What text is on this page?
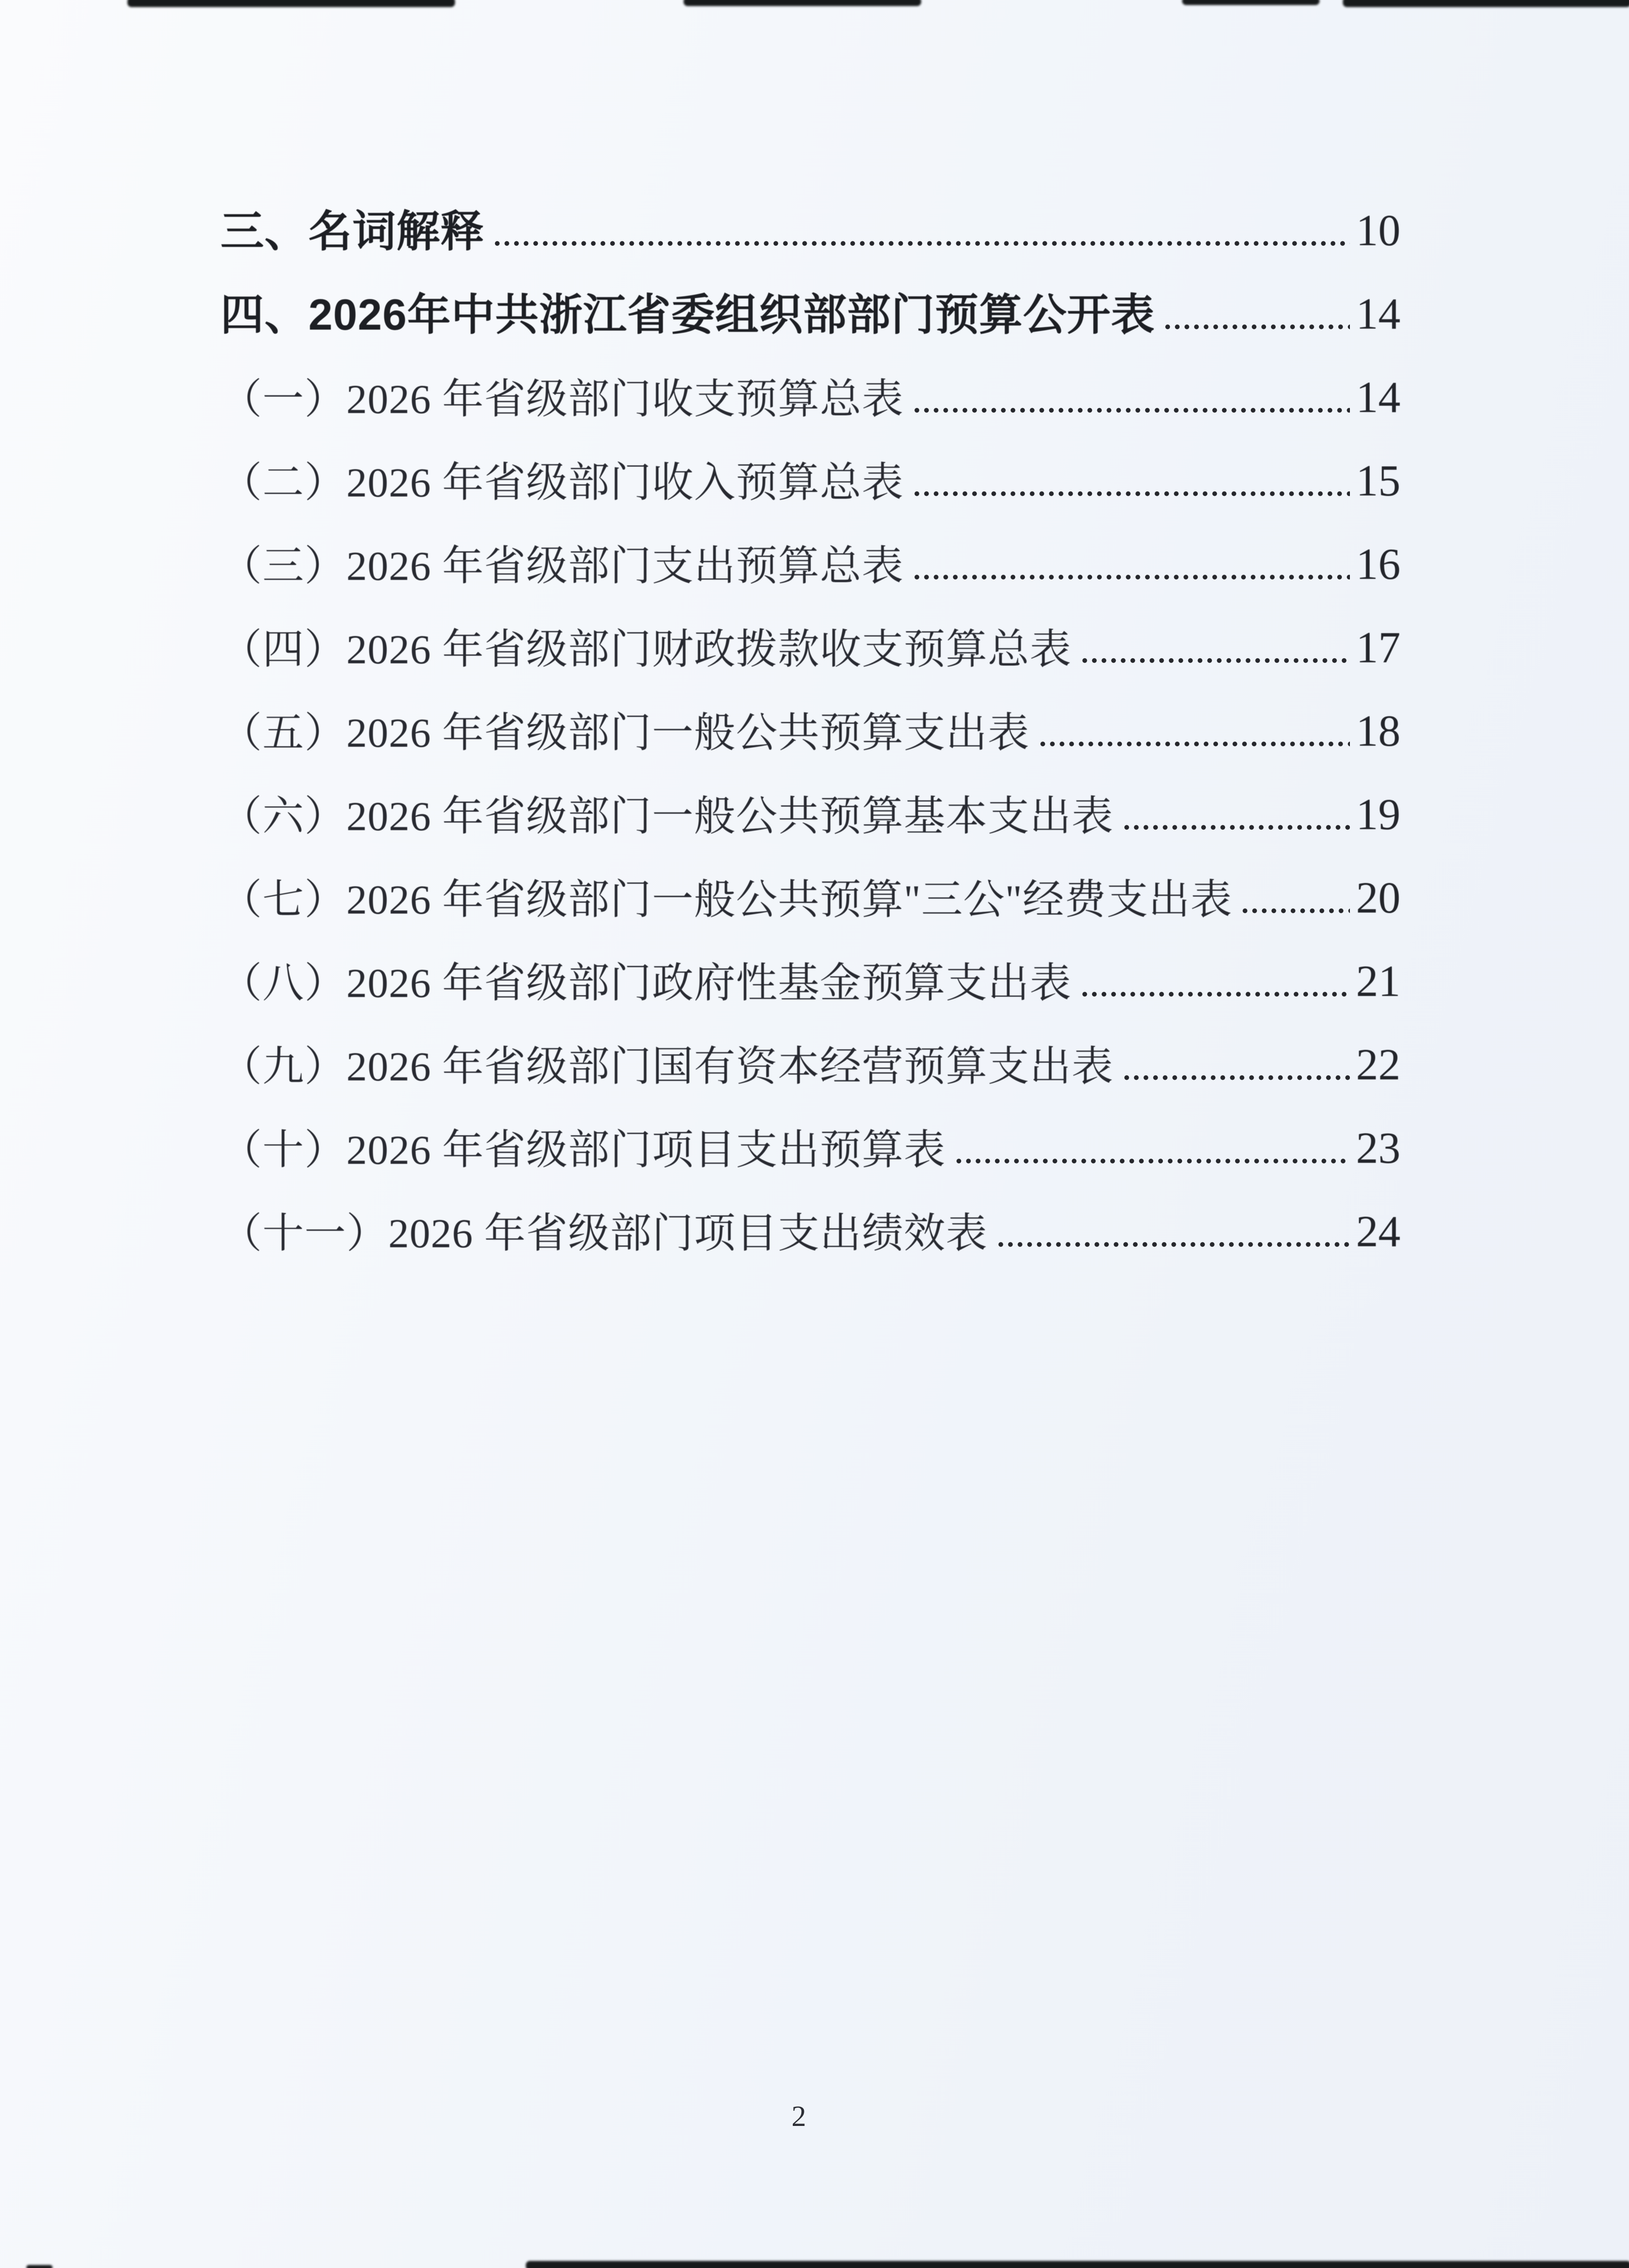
三、名词解释	10
四、2026年中共浙江省委组织部部门预算公开表	14
（一）2026 年省级部门收支预算总表	14
（二）2026 年省级部门收入预算总表	15
（三）2026 年省级部门支出预算总表	16
（四）2026 年省级部门财政拨款收支预算总表	17
（五）2026 年省级部门一般公共预算支出表	18
（六）2026 年省级部门一般公共预算基本支出表	19
（七）2026 年省级部门一般公共预算"三公"经费支出表	20
（八）2026 年省级部门政府性基金预算支出表	21
（九）2026 年省级部门国有资本经营预算支出表	22
（十）2026 年省级部门项目支出预算表	23
（十一）2026 年省级部门项目支出绩效表	24
2
